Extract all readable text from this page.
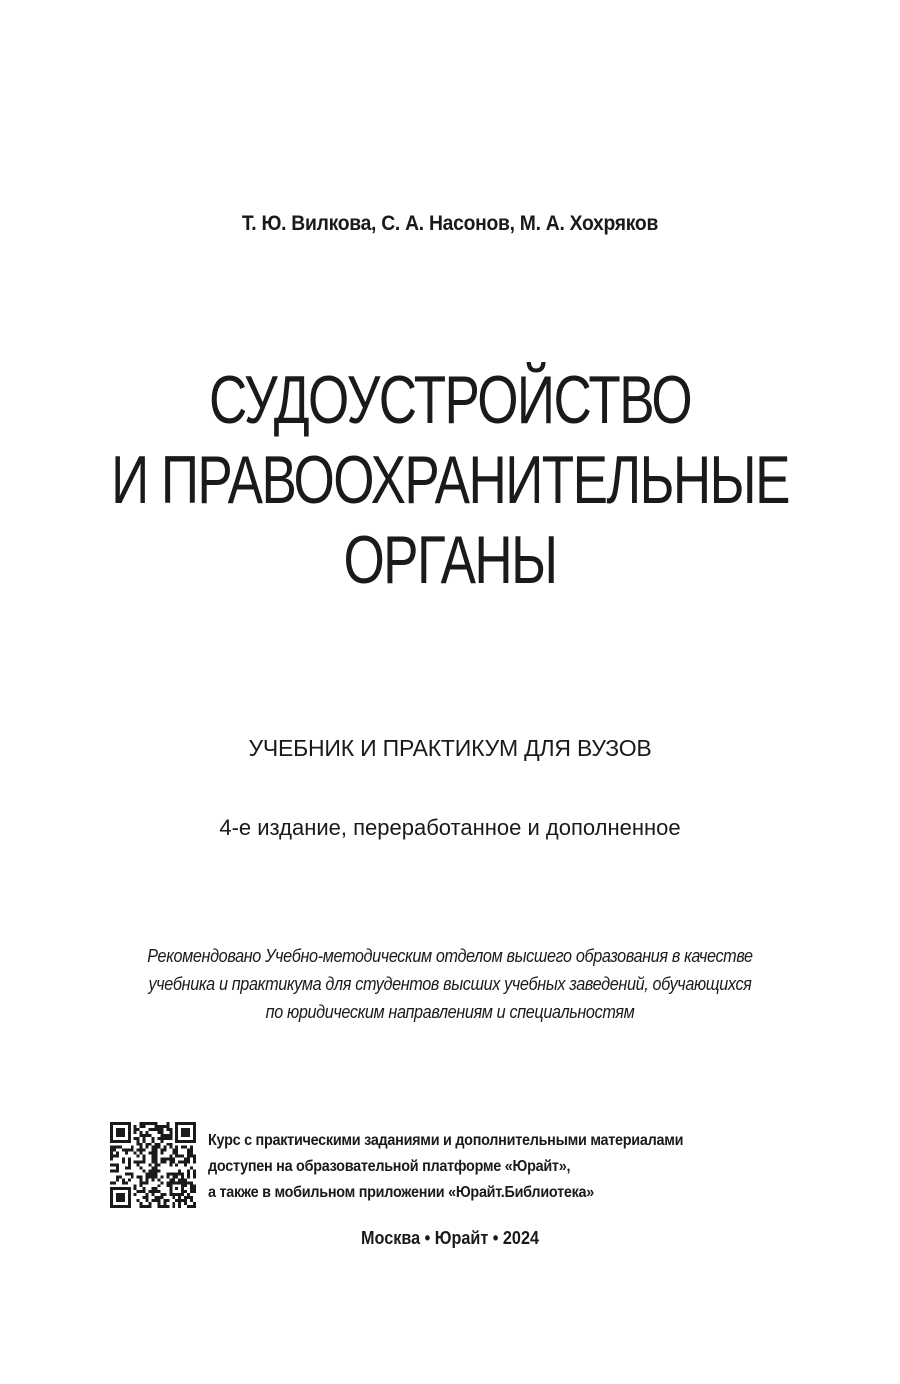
Т. Ю. Вилкова, С. А. Насонов, М. А. Хохряков
СУДОУСТРОЙСТВО
И ПРАВООХРАНИТЕЛЬНЫЕ
ОРГАНЫ
УЧЕБНИК И ПРАКТИКУМ ДЛЯ ВУЗОВ
4-е издание, переработанное и дополненное
Рекомендовано Учебно-методическим отделом высшего образования в качестве
учебника и практикума для студентов высших учебных заведений, обучающихся
по юридическим направлениям и специальностям
Курс с практическими заданиями и дополнительными материалами
доступен на образовательной платформе «Юрайт»,
а также в мобильном приложении «Юрайт.Библиотека»
Москва • Юрайт • 2024
